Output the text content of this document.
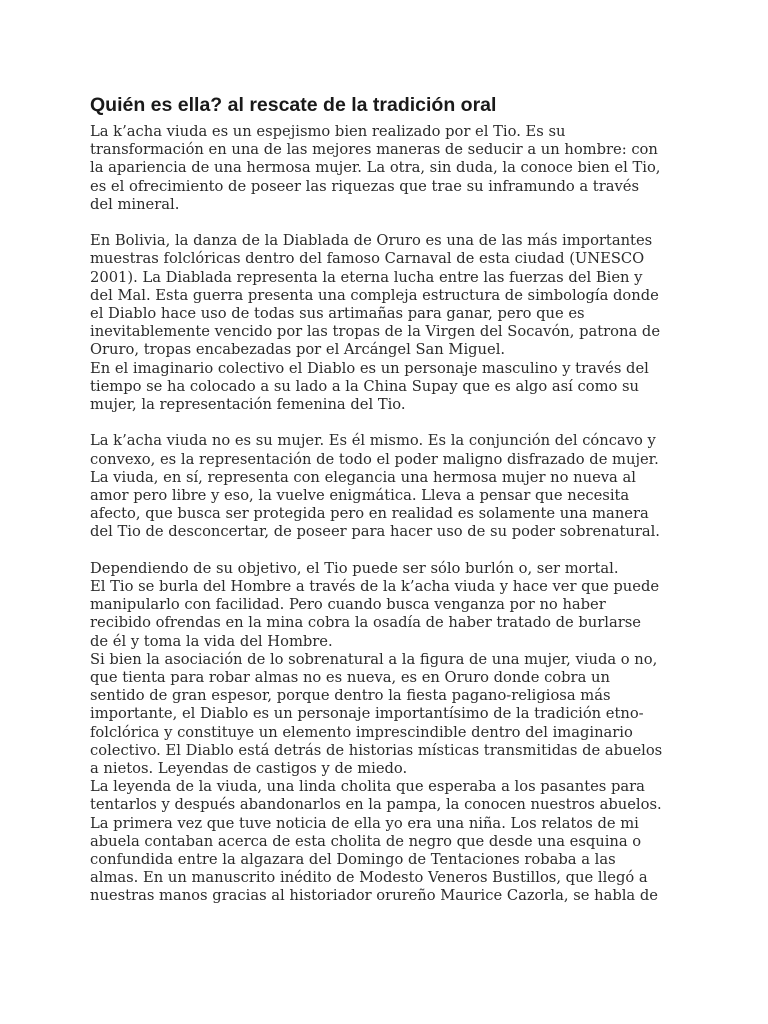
Quién es ella? al rescate de la tradición oral

La k’acha viuda es un espejismo bien realizado por el Tio. Es su
transformación en una de las mejores maneras de seducir a un hombre: con
la apariencia de una hermosa mujer. La otra, sin duda, la conoce bien el Tio,
es el ofrecimiento de poseer las riquezas que trae su inframundo a través
del mineral.

En Bolivia, la danza de la Diablada de Oruro es una de las más importantes
muestras folclóricas dentro del famoso Carnaval de esta ciudad (UNESCO
2001). La Diablada representa la eterna lucha entre las fuerzas del Bien y
del Mal. Esta guerra presenta una compleja estructura de simbología donde
el Diablo hace uso de todas sus artimañas para ganar, pero que es
inevitablemente vencido por las tropas de la Virgen del Socavón, patrona de
Oruro, tropas encabezadas por el Arcángel San Miguel.
En el imaginario colectivo el Diablo es un personaje masculino y través del
tiempo se ha colocado a su lado a la China Supay que es algo así como su
mujer, la representación femenina del Tio.

La k’acha viuda no es su mujer. Es él mismo. Es la conjunción del cóncavo y
convexo, es la representación de todo el poder maligno disfrazado de mujer.
La viuda, en sí, representa con elegancia una hermosa mujer no nueva al
amor pero libre y eso, la vuelve enigmática. Lleva a pensar que necesita
afecto, que busca ser protegida pero en realidad es solamente una manera
del Tio de desconcertar, de poseer para hacer uso de su poder sobrenatural.

Dependiendo de su objetivo, el Tio puede ser sólo burlón o, ser mortal.
El Tio se burla del Hombre a través de la k’acha viuda y hace ver que puede
manipularlo con facilidad. Pero cuando busca venganza por no haber
recibido ofrendas en la mina cobra la osadía de haber tratado de burlarse
de él y toma la vida del Hombre.
Si bien la asociación de lo sobrenatural a la figura de una mujer, viuda o no,
que tienta para robar almas no es nueva, es en Oruro donde cobra un
sentido de gran espesor, porque dentro la fiesta pagano-religiosa más
importante, el Diablo es un personaje importantísimo de la tradición etno-
folclórica y constituye un elemento imprescindible dentro del imaginario
colectivo. El Diablo está detrás de historias místicas transmitidas de abuelos
a nietos. Leyendas de castigos y de miedo.
La leyenda de la viuda, una linda cholita que esperaba a los pasantes para
tentarlos y después abandonarlos en la pampa, la conocen nuestros abuelos.
La primera vez que tuve noticia de ella yo era una niña. Los relatos de mi
abuela contaban acerca de esta cholita de negro que desde una esquina o
confundida entre la algazara del Domingo de Tentaciones robaba a las
almas. En un manuscrito inédito de Modesto Veneros Bustillos, que llegó a
nuestras manos gracias al historiador orureño Maurice Cazorla, se habla de
